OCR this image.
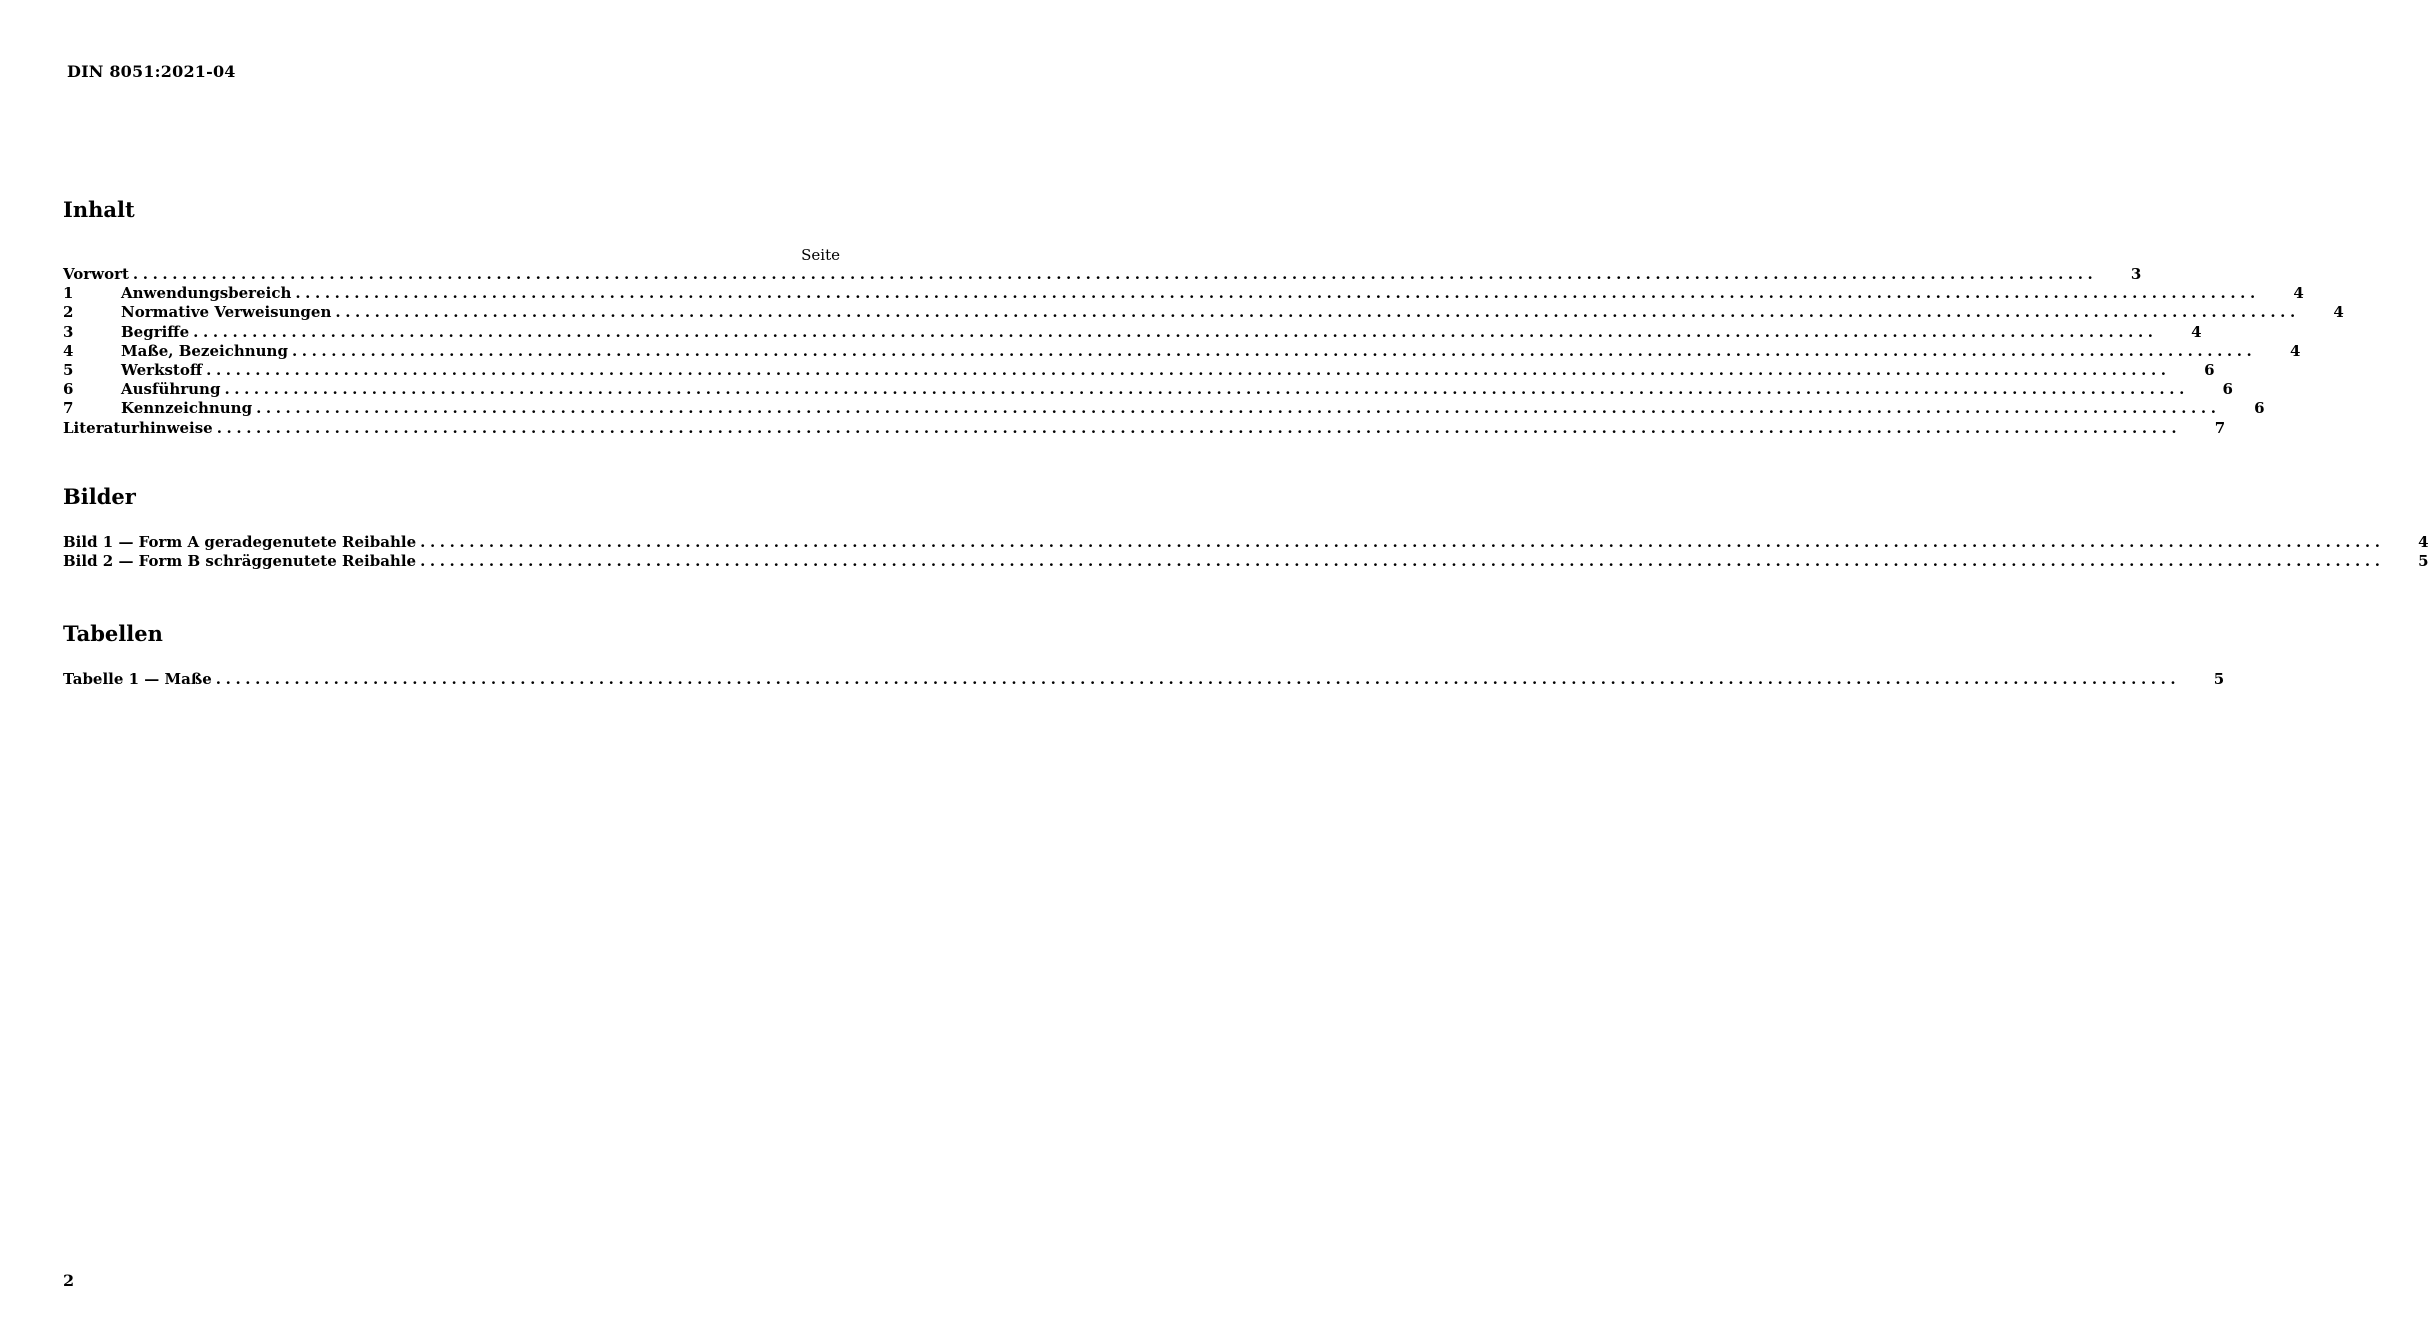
DIN 8051:2021-04
Inhalt
Seite
Vorwort ........................................................................................................................................................................................................ 3
1	Anwendungsbereich ........................................................................................................................................................................................................ 4
2	Normative Verweisungen ........................................................................................................................................................................................................ 4
3	Begriffe ........................................................................................................................................................................................................ 4
4	Maße, Bezeichnung ........................................................................................................................................................................................................ 4
5	Werkstoff ........................................................................................................................................................................................................ 6
6	Ausführung ........................................................................................................................................................................................................ 6
7	Kennzeichnung ........................................................................................................................................................................................................ 6
Literaturhinweise ........................................................................................................................................................................................................ 7
Bilder
Bild 1 — Form A geradegenutete Reibahle ........................................................................................................................................................................................................ 4
Bild 2 — Form B schräggenutete Reibahle ........................................................................................................................................................................................................ 5
Tabellen
Tabelle 1 — Maße ........................................................................................................................................................................................................ 5
2
